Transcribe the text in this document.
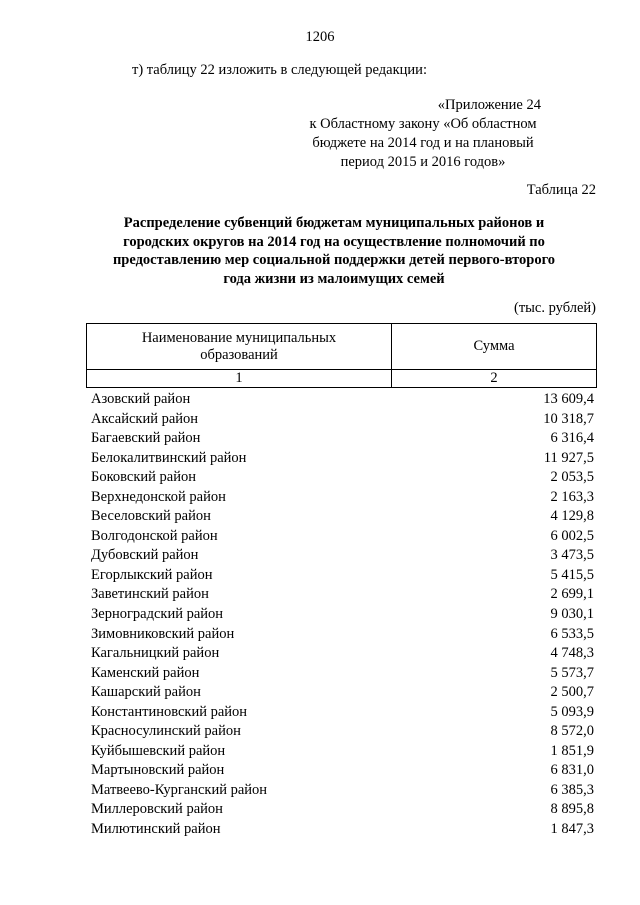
1206
т) таблицу 22 изложить в следующей редакции:
«Приложение 24
к Областному закону «Об областном
бюджете на 2014 год и на плановый
период 2015 и 2016 годов»
Таблица 22
Распределение субвенций бюджетам муниципальных районов и
городских округов на 2014 год на осуществление полномочий по
предоставлению мер социальной поддержки детей первого-второго
года жизни из малоимущих семей
(тыс. рублей)
Наименование муниципальных
образований	Сумма
1	2
Азовский район	13 609,4
Аксайский район	10 318,7
Багаевский район	6 316,4
Белокалитвинский район	11 927,5
Боковский район	2 053,5
Верхнедонской район	2 163,3
Веселовский район	4 129,8
Волгодонской район	6 002,5
Дубовский район	3 473,5
Егорлыкский район	5 415,5
Заветинский район	2 699,1
Зерноградский район	9 030,1
Зимовниковский район	6 533,5
Кагальницкий район	4 748,3
Каменский район	5 573,7
Кашарский район	2 500,7
Константиновский район	5 093,9
Красносулинский район	8 572,0
Куйбышевский район	1 851,9
Мартыновский район	6 831,0
Матвеево-Курганский район	6 385,3
Миллеровский район	8 895,8
Милютинский район	1 847,3
